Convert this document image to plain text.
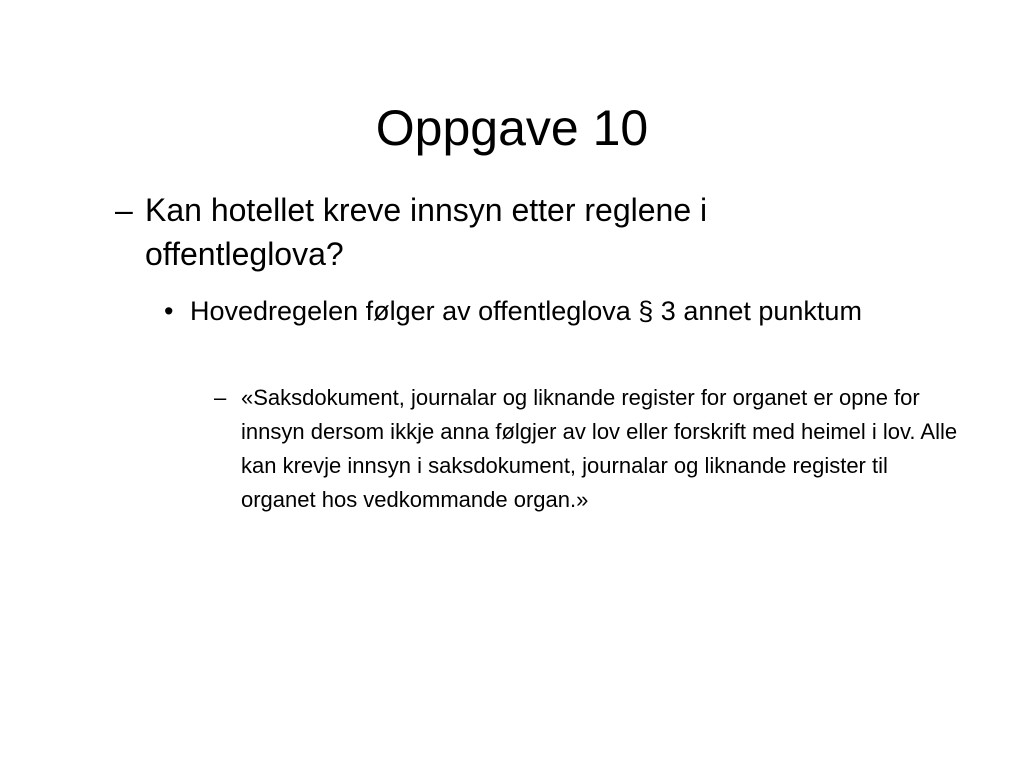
Oppgave 10
– Kan hotellet kreve innsyn etter reglene i offentleglova?
• Hovedregelen følger av offentleglova § 3 annet punktum
– «Saksdokument, journalar og liknande register for organet er opne for innsyn dersom ikkje anna følgjer av lov eller forskrift med heimel i lov. Alle kan krevje innsyn i saksdokument, journalar og liknande register til organet hos vedkommande organ.»
